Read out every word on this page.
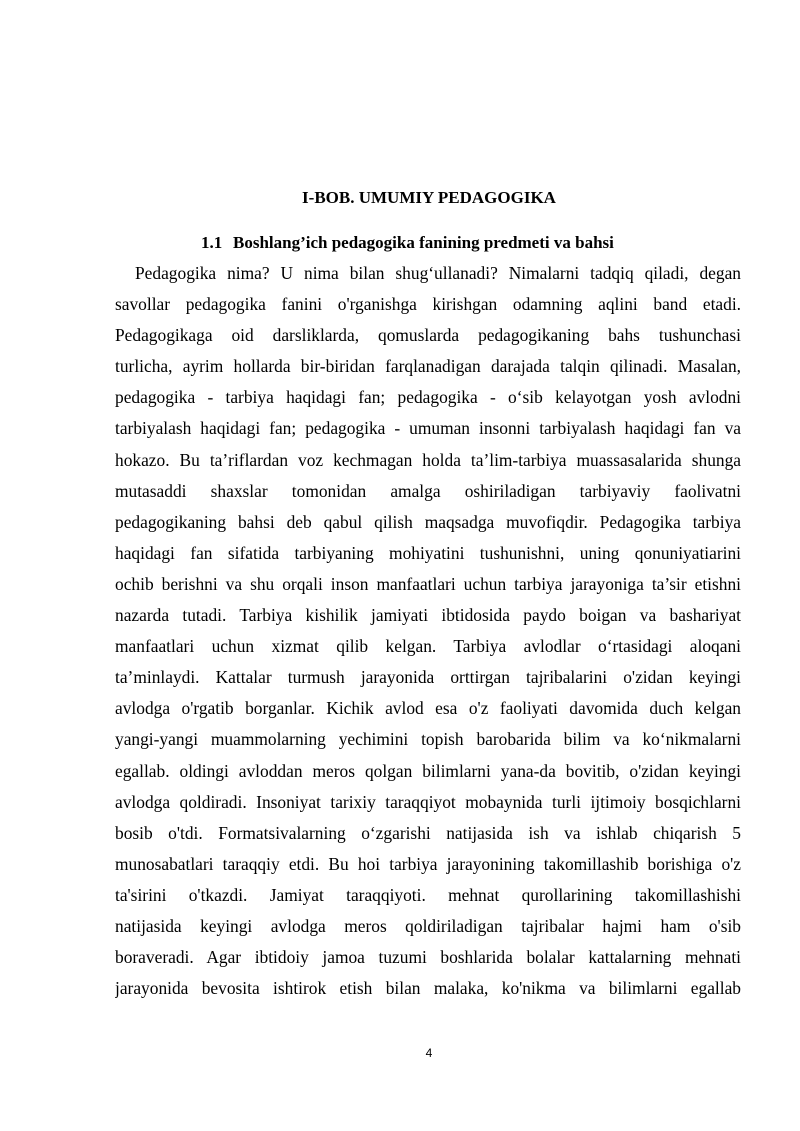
I-BOB. UMUMIY PEDAGOGIKA
1.1 Boshlang’ich pedagogika fanining predmeti va bahsi
Pedagogika nima? U nima bilan shug‘ullanadi? Nimalarni tadqiq qiladi, degan
savollar pedagogika fanini o'rganishga kirishgan odamning aqlini band etadi.
Pedagogikaga oid darsliklarda, qomuslarda pedagogikaning bahs tushunchasi
turlicha, ayrim hollarda bir-biridan farqlanadigan darajada talqin qilinadi. Masalan,
pedagogika - tarbiya haqidagi fan; pedagogika - o‘sib kelayotgan yosh avlodni
tarbiyalash haqidagi fan; pedagogika - umuman insonni tarbiyalash haqidagi fan va
hokazo. Bu ta’riflardan voz kechmagan holda ta’lim-tarbiya muassasalarida shunga
mutasaddi shaxslar tomonidan amalga oshiriladigan tarbiyaviy faolivatni
pedagogikaning bahsi deb qabul qilish maqsadga muvofiqdir. Pedagogika tarbiya
haqidagi fan sifatida tarbiyaning mohiyatini tushunishni, uning qonuniyatiarini
ochib berishni va shu orqali inson manfaatlari uchun tarbiya jarayoniga ta’sir etishni
nazarda tutadi. Tarbiya kishilik jamiyati ibtidosida paydo boigan va bashariyat
manfaatlari uchun xizmat qilib kelgan. Tarbiya avlodlar o‘rtasidagi aloqani
ta’minlaydi. Kattalar turmush jarayonida orttirgan tajribalarini o'zidan keyingi
avlodga o'rgatib borganlar. Kichik avlod esa o'z faoliyati davomida duch kelgan
yangi-yangi muammolarning yechimini topish barobarida bilim va ko‘nikmalarni
egallab. oldingi avloddan meros qolgan bilimlarni yana-da bovitib, o'zidan keyingi
avlodga qoldiradi. Insoniyat tarixiy taraqqiyot mobaynida turli ijtimoiy bosqichlarni
bosib o'tdi. Formatsivalarning o‘zgarishi natijasida ish va ishlab chiqarish 5
munosabatlari taraqqiy etdi. Bu hoi tarbiya jarayonining takomillashib borishiga o'z
ta'sirini o'tkazdi. Jamiyat taraqqiyoti. mehnat qurollarining takomillashishi
natijasida keyingi avlodga meros qoldiriladigan tajribalar hajmi ham o'sib
boraveradi. Agar ibtidoiy jamoa tuzumi boshlarida bolalar kattalarning mehnati
jarayonida bevosita ishtirok etish bilan malaka, ko'nikma va bilimlarni egallab
4
